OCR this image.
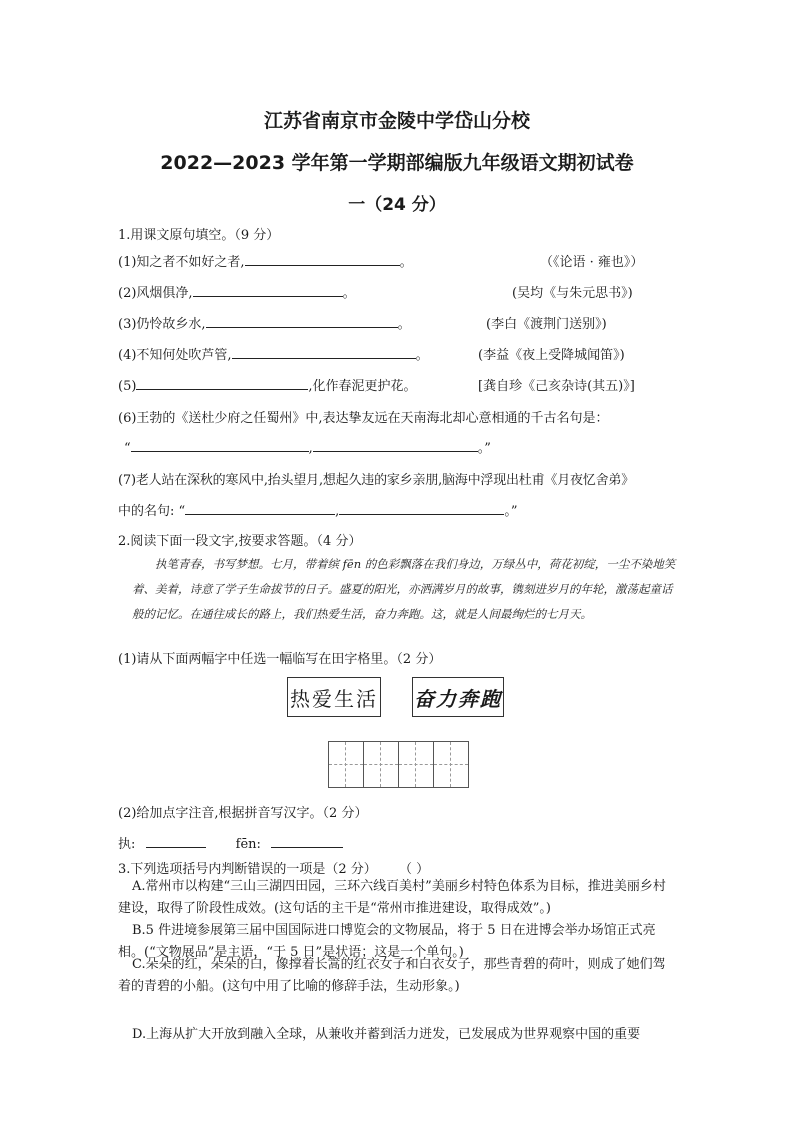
江苏省南京市金陵中学岱山分校
2022—2023 学年第一学期部编版九年级语文期初试卷
一（24 分）
1.用课文原句填空。（9 分）
(1)知之者不如好之者,	。	（《论语 · 雍也》）
(2)风烟俱净,	。	(吴均《与朱元思书》)
(3)仍怜故乡水,	。	(李白《渡荆门送别》)
(4)不知何处吹芦管,	。	(李益《夜上受降城闻笛》)
(5)	,化作春泥更护花。	[龚自珍《己亥杂诗(其五)》]
(6)王勃的《送杜少府之任蜀州》中,表达挚友远在天南海北却心意相通的千古名句是：
“	,	。”
(7)老人站在深秋的寒风中,抬头望月,想起久违的家乡亲朋,脑海中浮现出杜甫《月夜忆舍弟》
中的名句: “	,	。”
2.阅读下面一段文字,按要求答题。（4 分）
执笔青春，书写梦想。七月，带着缤 fēn 的色彩飘落在我们身边，万绿丛中，荷花初绽，一尘不染地笑着、美着，诗意了学子生命拔节的日子。盛夏的阳光，亦洒满岁月的故事，镌刻进岁月的年轮，激荡起童话般的记忆。在通往成长的路上，我们热爱生活，奋力奔跑。这，就是人间最绚烂的七月天。
(1)请从下面两幅字中任选一幅临写在田字格里。（2 分）
热爱生活 奋力奔跑
(2)给加点字注音,根据拼音写汉字。（2 分）
执:	fēn:
3.下列选项括号内判断错误的一项是（2 分） （ ）
A.常州市以构建“三山三湖四田园，三环六线百美村”美丽乡村特色体系为目标，推进美丽乡村建设，取得了阶段性成效。(这句话的主干是“常州市推进建设，取得成效”。)
B.5 件进境参展第三届中国国际进口博览会的文物展品，将于 5 日在进博会举办场馆正式亮相。(“文物展品”是主语，“于 5 日”是状语；这是一个单句。)
C.朵朵的红，朵朵的白，像撑着长篙的红衣女子和白衣女子，那些青碧的荷叶，则成了她们驾着的青碧的小船。(这句中用了比喻的修辞手法，生动形象。)
D.上海从扩大开放到融入全球，从兼收并蓄到活力迸发，已发展成为世界观察中国的重要
